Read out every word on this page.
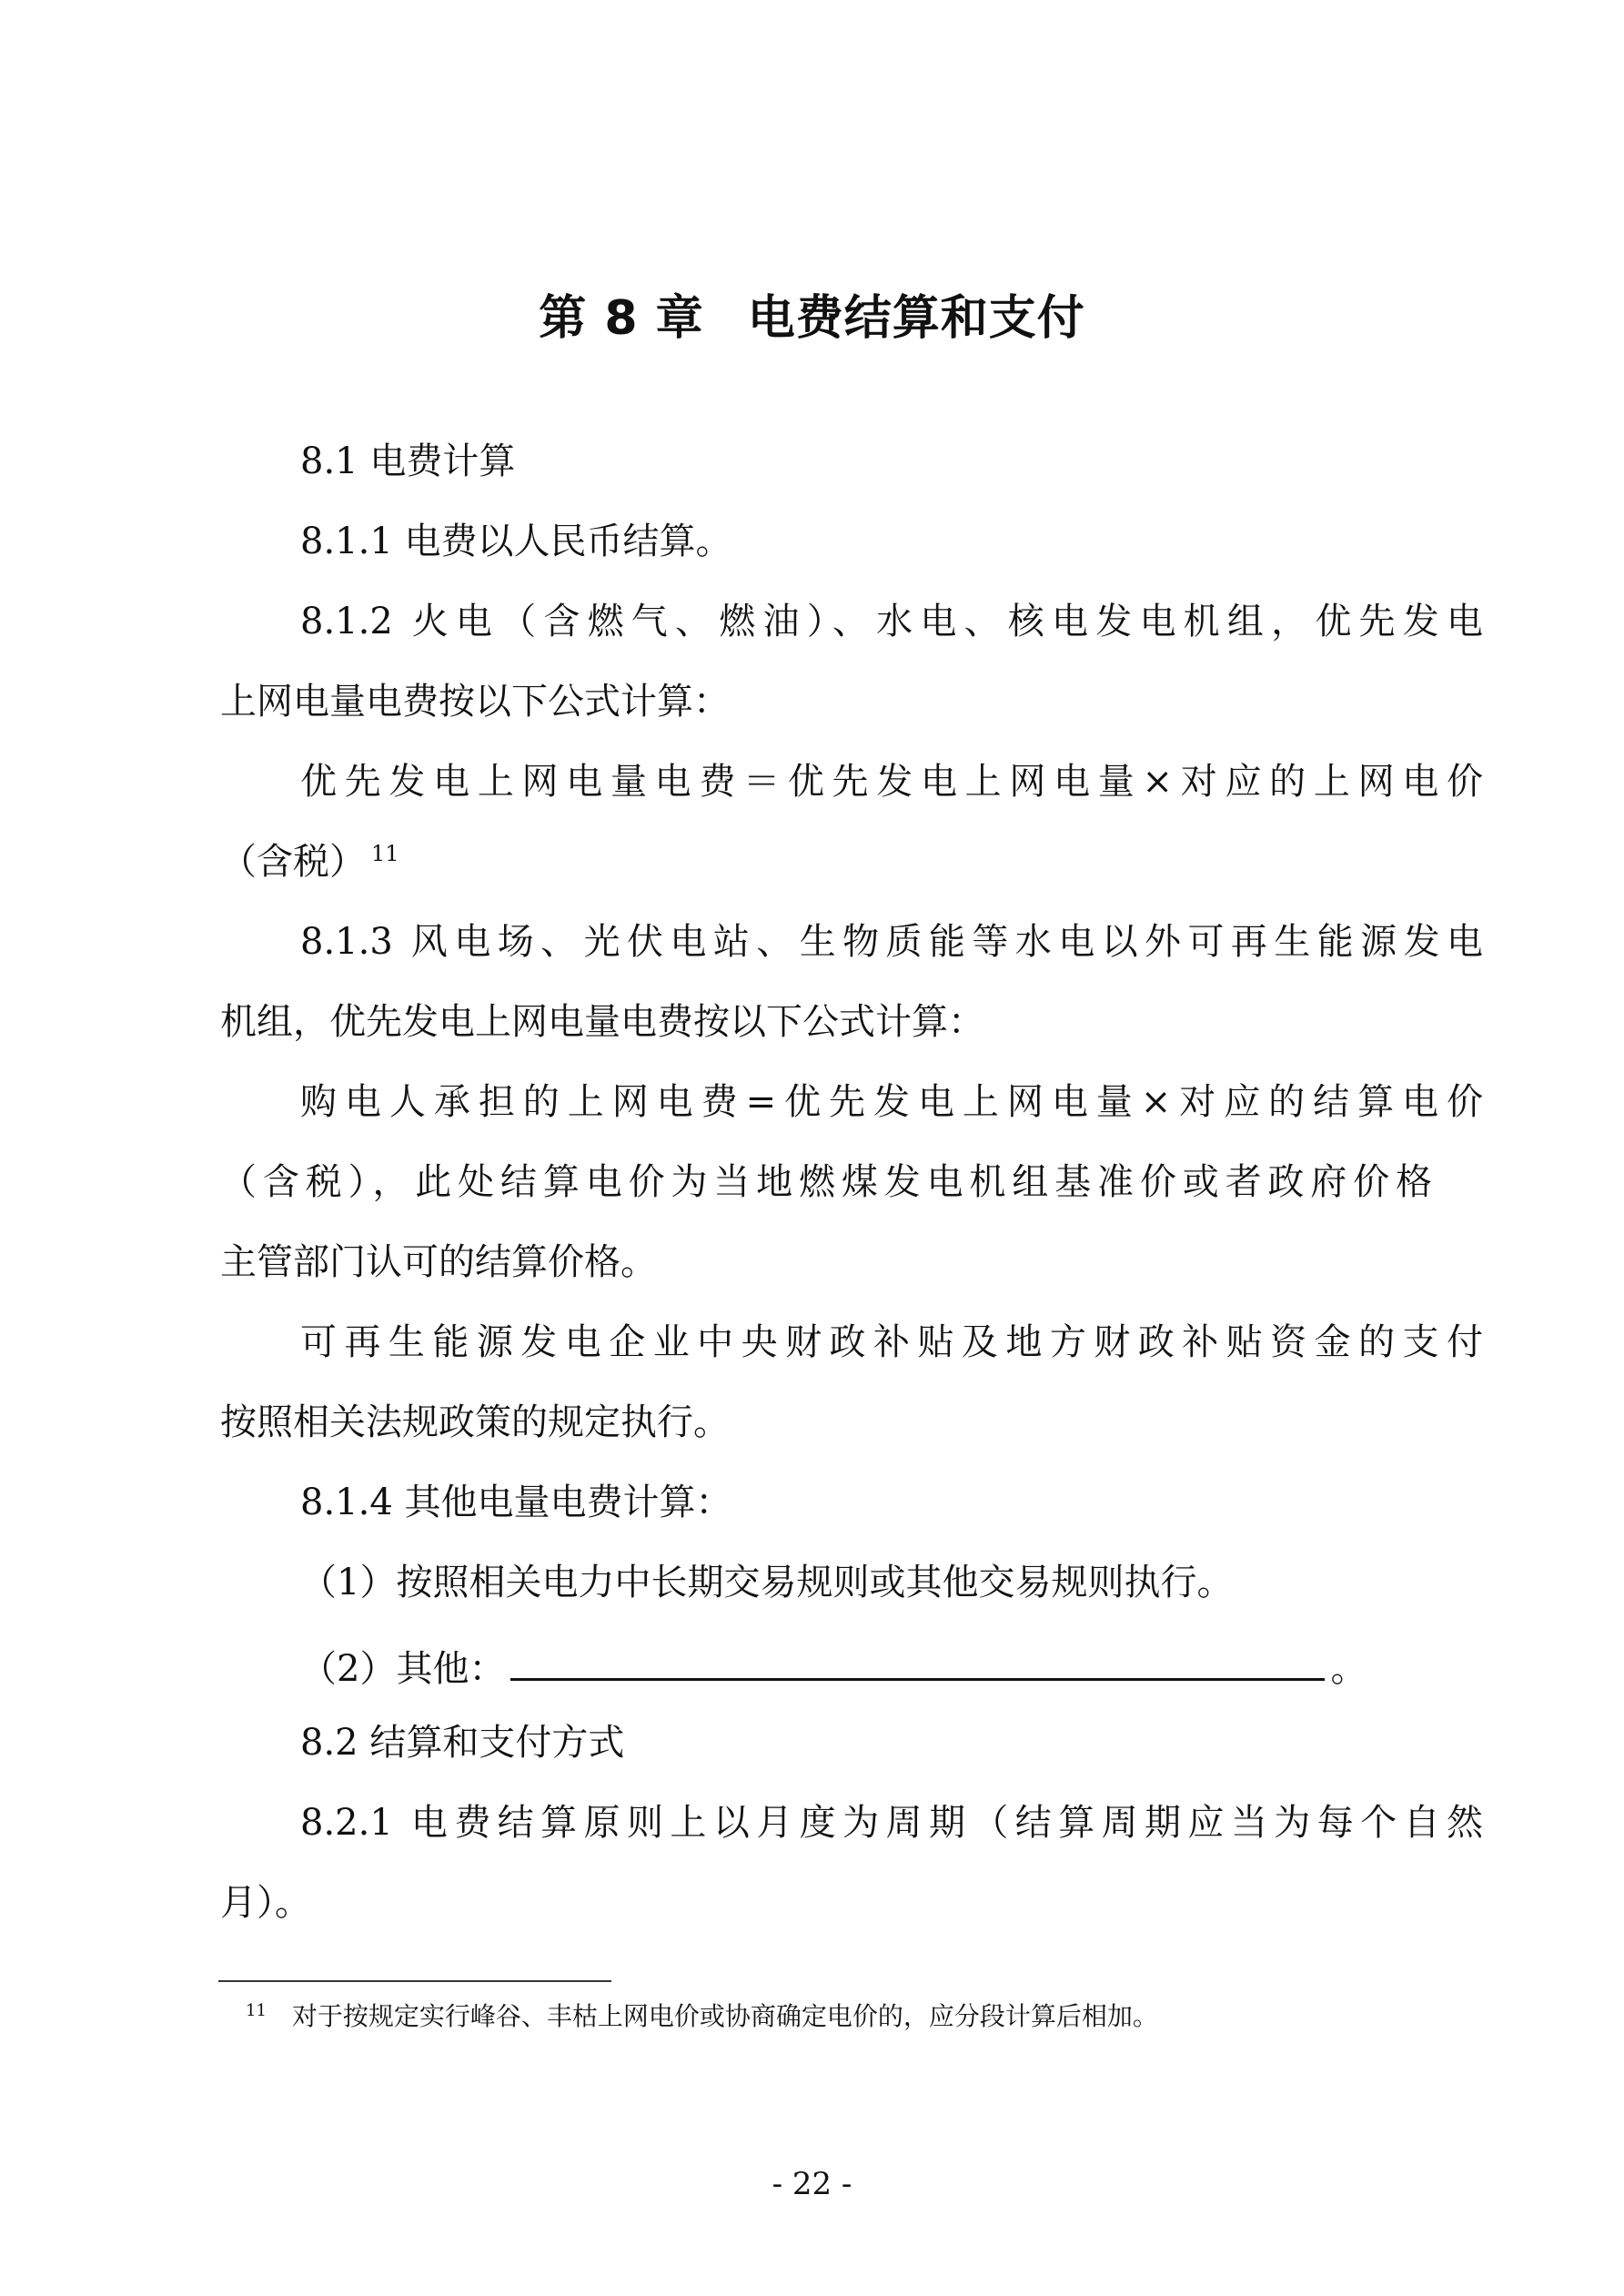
第 8 章 电费结算和支付
8.1 电费计算
8.1.1 电费以人民币结算。
8.1.2 火电（含燃气、燃油）、水电、核电发电机组，优先发电
上网电量电费按以下公式计算：
优先发电上网电量电费＝优先发电上网电量×对应的上网电价
（含税） $^{11}$
8.1.3 风电场、光伏电站、生物质能等水电以外可再生能源发电
机组，优先发电上网电量电费按以下公式计算：
购电人承担的上网电费=优先发电上网电量×对应的结算电价
（含税），此处结算电价为当地燃煤发电机组基准价或者政府价格
主管部门认可的结算价格。
可再生能源发电企业中央财政补贴及地方财政补贴资金的支付
按照相关法规政策的规定执行。
8.1.4 其他电量电费计算：
（1）按照相关电力中长期交易规则或其他交易规则执行。
（2）其他：	。
8.2 结算和支付方式
8.2.1 电费结算原则上以月度为周期（结算周期应当为每个自然
月）。
$^{11}$ 对于按规定实行峰谷、丰枯上网电价或协商确定电价的，应分段计算后相加。
- 22 -
